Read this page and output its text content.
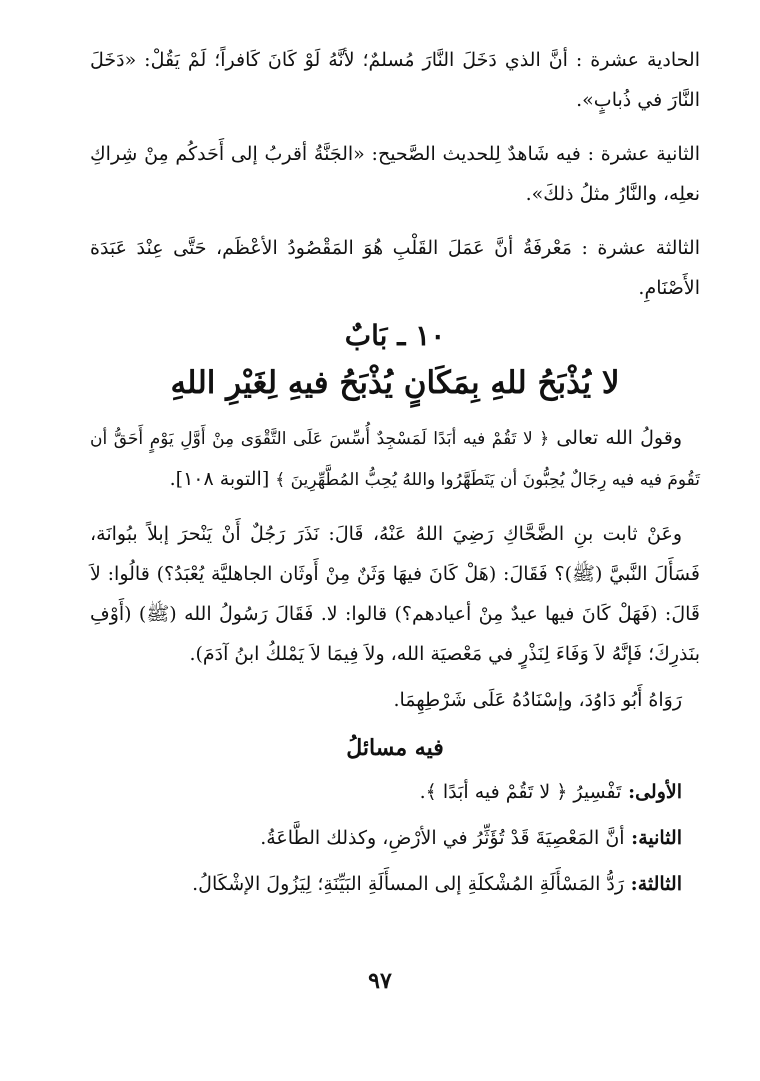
الحادية عشرة : أنَّ الذي دَخَلَ النَّارَ مُسلمٌ؛ لأنَّهُ لَوْ كَانَ كَافراً؛ لَمْ يَقُلْ: «دَخَلَ النَّارَ في ذُبابٍ».

الثانية عشرة : فيه شَاهدٌ لِلحديث الصَّحيح: «الجَنَّةُ أقربُ إلى أَحَدكُم مِنْ شِراكِ نعلِه، والنَّارُ مثلُ ذلكَ».

الثالثة عشرة : مَعْرفَةُ أنَّ عَمَلَ القَلْبِ هُوَ المَقْصُودُ الأعْظَم، حَتَّى عِنْدَ عَبَدَة الأَصْنَامِ.

١٠ ـ بَابٌ
لا يُذْبَحُ للهِ بِمَكَانٍ يُذْبَحُ فيهِ لِغَيْرِ اللهِ

وقولُ الله تعالى ﴿ لا تَقُمْ فيه أبَدًا لَمَسْجِدٌ أُسِّسَ عَلَى التَّقْوَى مِنْ أَوَّلِ يَوْمٍ أَحَقُّ أن تَقُومَ فيه فيه رِجَالٌ يُحِبُّونَ أن يَتَطَهَّرُوا واللهُ يُحِبُّ المُطَّهِّرِينَ ﴾ [التوبة ١٠٨].

وعَنْ ثابت بنِ الضَّحَّاكِ رَضِيَ اللهُ عَنْهُ، قَالَ: نَذَرَ رَجُلٌ أَنْ يَنْحرَ إبلاً ببُوانَة، فَسَأَلَ النَّبيَّ (ﷺ)؟ فَقَالَ: (هَلْ كَانَ فيهَا وَثَنٌ مِنْ أَوثَان الجاهليَّة يُعْبَدُ؟) قالُوا: لاَ قَالَ: (فَهَلْ كَانَ فيها عيدٌ مِنْ أعيادهم؟) قالوا: لا. فَقَالَ رَسُولُ الله (ﷺ) (أَوْفِ بنَذرِكَ؛ فَإنَّهُ لاَ وَفَاءَ لِنَذْرٍ في مَعْصيَة الله، ولاَ فِيمَا لاَ يَمْلكُ ابنُ آدَمَ).

رَوَاهُ أَبُو دَاوُدَ، وإسْنَادُهُ عَلَى شَرْطِهِمَا.

فيه مسائلُ

الأولى: تَفْسِيرُ ﴿ لا تَقُمْ فيه أبَدًا ﴾.

الثانية: أنَّ المَعْصِيَةَ قَدْ تُؤَثِّرُ في الأرْضِ، وكذلك الطَّاعَةُ.

الثالثة: رَدُّ المَسْأَلَةِ المُشْكلَةِ إلى المسأَلَةِ البَيِّنَةِ؛ لِيَزُولَ الإشْكَالُ.

٩٧
